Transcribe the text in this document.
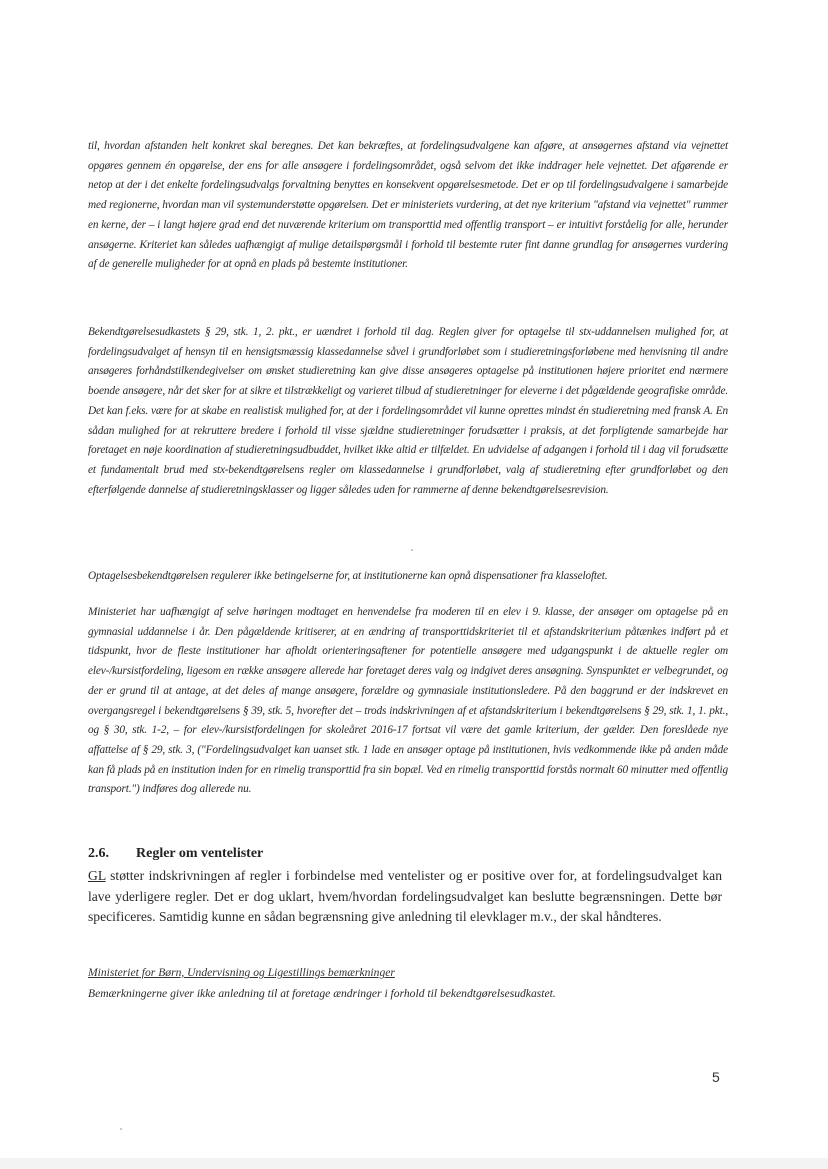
til, hvordan afstanden helt konkret skal beregnes. Det kan bekræftes, at fordelingsudvalgene kan afgøre, at ansøgernes afstand via vejnettet opgøres gennem én opgørelse, der ens for alle ansøgere i fordelingsområdet, også selvom det ikke inddrager hele vejnettet. Det afgørende er netop at der i det enkelte fordelingsudvalgs forvaltning benyttes en konsekvent opgørelsesmetode. Det er op til fordelingsudvalgene i samarbejde med regionerne, hvordan man vil systemunderstøtte opgørelsen. Det er ministeriets vurdering, at det nye kriterium "afstand via vejnettet" rummer en kerne, der – i langt højere grad end det nuværende kriterium om transporttid med offentlig transport – er intuitivt forståelig for alle, herunder ansøgerne. Kriteriet kan således uafhængigt af mulige detailspørgsmål i forhold til bestemte ruter fint danne grundlag for ansøgernes vurdering af de generelle muligheder for at opnå en plads på bestemte institutioner.

Bekendtgørelsesudkastets § 29, stk. 1, 2. pkt., er uændret i forhold til dag. Reglen giver for optagelse til stx-uddannelsen mulighed for, at fordelingsudvalget af hensyn til en hensigtsmæssig klassedannelse såvel i grundforløbet som i studieretningsforløbene med henvisning til andre ansøgeres forhåndstilkendegivelser om ønsket studieretning kan give disse ansøgeres optagelse på institutionen højere prioritet end nærmere boende ansøgere, når det sker for at sikre et tilstrækkeligt og varieret tilbud af studieretninger for eleverne i det pågældende geografiske område. Det kan f.eks. være for at skabe en realistisk mulighed for, at der i fordelingsområdet vil kunne oprettes mindst én studieretning med fransk A. En sådan mulighed for at rekruttere bredere i forhold til visse sjældne studieretninger forudsætter i praksis, at det forpligtende samarbejde har foretaget en nøje koordination af studieretningsudbuddet, hvilket ikke altid er tilfældet. En udvidelse af adgangen i forhold til i dag vil forudsætte et fundamentalt brud med stx-bekendtgørelsens regler om klassedannelse i grundforløbet, valg af studieretning efter grundforløbet og den efterfølgende dannelse af studieretningsklasser og ligger således uden for rammerne af denne bekendtgørelsesrevision.

Optagelsesbekendtgørelsen regulerer ikke betingelserne for, at institutionerne kan opnå dispensationer fra klasseloftet.

Ministeriet har uafhængigt af selve høringen modtaget en henvendelse fra moderen til en elev i 9. klasse, der ansøger om optagelse på en gymnasial uddannelse i år. Den pågældende kritiserer, at en ændring af transporttidskriteriet til et afstandskriterium påtænkes indført på et tidspunkt, hvor de fleste institutioner har afholdt orienteringsaftener for potentielle ansøgere med udgangspunkt i de aktuelle regler om elev-/kursistfordeling, ligesom en række ansøgere allerede har foretaget deres valg og indgivet deres ansøgning. Synspunktet er velbegrundet, og der er grund til at antage, at det deles af mange ansøgere, forældre og gymnasiale institutionsledere. På den baggrund er der indskrevet en overgangsregel i bekendtgørelsens § 39, stk. 5, hvorefter det – trods indskrivningen af et afstandskriterium i bekendtgørelsens § 29, stk. 1, 1. pkt., og § 30, stk. 1-2, – for elev-/kursistfordelingen for skoleåret 2016-17 fortsat vil være det gamle kriterium, der gælder. Den foreslåede nye affattelse af § 29, stk. 3, ("Fordelingsudvalget kan uanset stk. 1 lade en ansøger optage på institutionen, hvis vedkommende ikke på anden måde kan få plads på en institution inden for en rimelig transporttid fra sin bopæl. Ved en rimelig transporttid forstås normalt 60 minutter med offentlig transport.") indføres dog allerede nu.

2.6. Regler om ventelister

GL støtter indskrivningen af regler i forbindelse med ventelister og er positive over for, at fordelingsudvalget kan lave yderligere regler. Det er dog uklart, hvem/hvordan fordelingsudvalget kan beslutte begrænsningen. Dette bør specificeres. Samtidig kunne en sådan begrænsning give anledning til elevklager m.v., der skal håndteres.

Ministeriet for Børn, Undervisning og Ligestillings bemærkninger

Bemærkningerne giver ikke anledning til at foretage ændringer i forhold til bekendtgørelsesudkastet.

5
